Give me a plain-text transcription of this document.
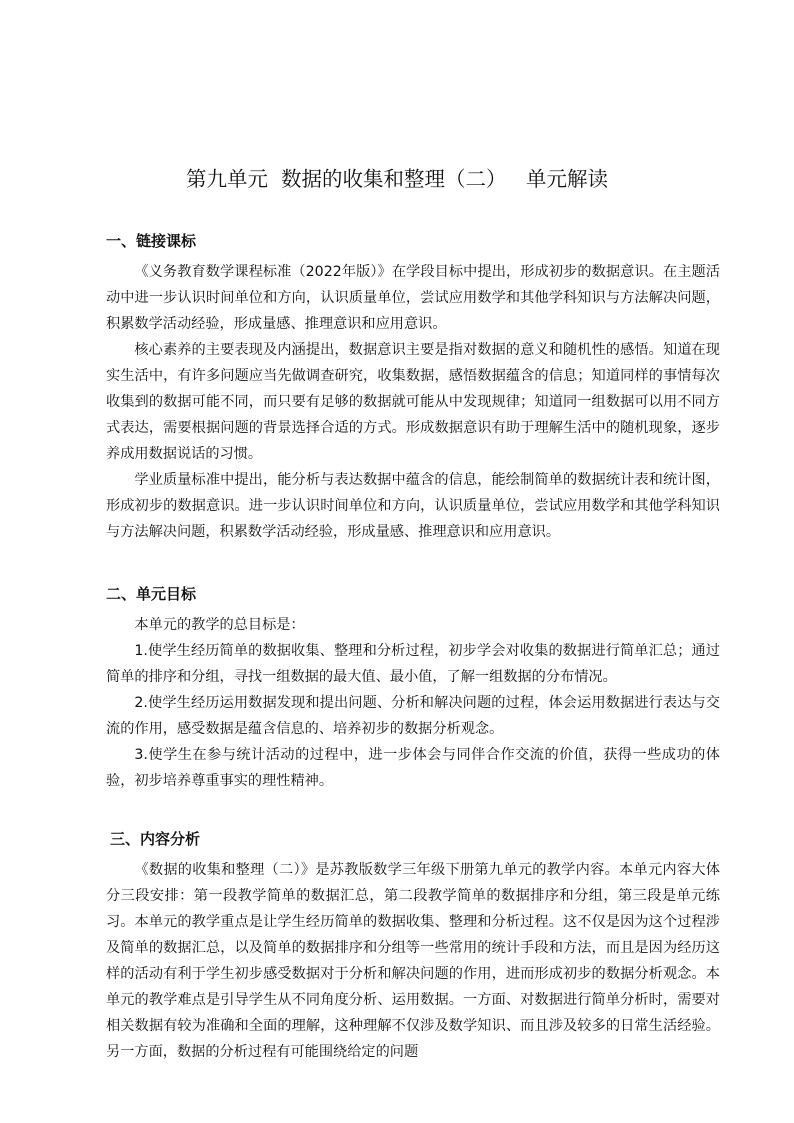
第九单元  数据的收集和整理（二）   单元解读
一、链接课标

《义务教育数学课程标准（2022年版）》在学段目标中提出，形成初步的数据意识。在主题活动中进一步认识时间单位和方向，认识质量单位，尝试应用数学和其他学科知识与方法解决问题，积累数学活动经验，形成量感、推理意识和应用意识。

核心素养的主要表现及内涵提出，数据意识主要是指对数据的意义和随机性的感悟。知道在现实生活中，有许多问题应当先做调查研究，收集数据，感悟数据蕴含的信息；知道同样的事情每次收集到的数据可能不同，而只要有足够的数据就可能从中发现规律；知道同一组数据可以用不同方式表达，需要根据问题的背景选择合适的方式。形成数据意识有助于理解生活中的随机现象，逐步养成用数据说话的习惯。

学业质量标准中提出，能分析与表达数据中蕴含的信息，能绘制简单的数据统计表和统计图，形成初步的数据意识。进一步认识时间单位和方向，认识质量单位，尝试应用数学和其他学科知识与方法解决问题，积累数学活动经验，形成量感、推理意识和应用意识。

二、单元目标

本单元的教学的总目标是：

1.使学生经历简单的数据收集、整理和分析过程，初步学会对收集的数据进行简单汇总；通过简单的排序和分组，寻找一组数据的最大值、最小值，了解一组数据的分布情况。

2.使学生经历运用数据发现和提出问题、分析和解决问题的过程，体会运用数据进行表达与交流的作用，感受数据是蕴含信息的、培养初步的数据分析观念。

3.使学生在参与统计活动的过程中，进一步体会与同伴合作交流的价值，获得一些成功的体验，初步培养尊重事实的理性精神。

三、内容分析

《数据的收集和整理（二）》是苏教版数学三年级下册第九单元的教学内容。本单元内容大体分三段安排：第一段教学简单的数据汇总，第二段教学简单的数据排序和分组，第三段是单元练习。本单元的教学重点是让学生经历简单的数据收集、整理和分析过程。这不仅是因为这个过程涉及简单的数据汇总，以及简单的数据排序和分组等一些常用的统计手段和方法，而且是因为经历这样的活动有利于学生初步感受数据对于分析和解决问题的作用，进而形成初步的数据分析观念。本单元的教学难点是引导学生从不同角度分析、运用数据。一方面、对数据进行简单分析时，需要对相关数据有较为准确和全面的理解，这种理解不仅涉及数学知识、而且涉及较多的日常生活经验。另一方面，数据的分析过程有可能围绕给定的问题
